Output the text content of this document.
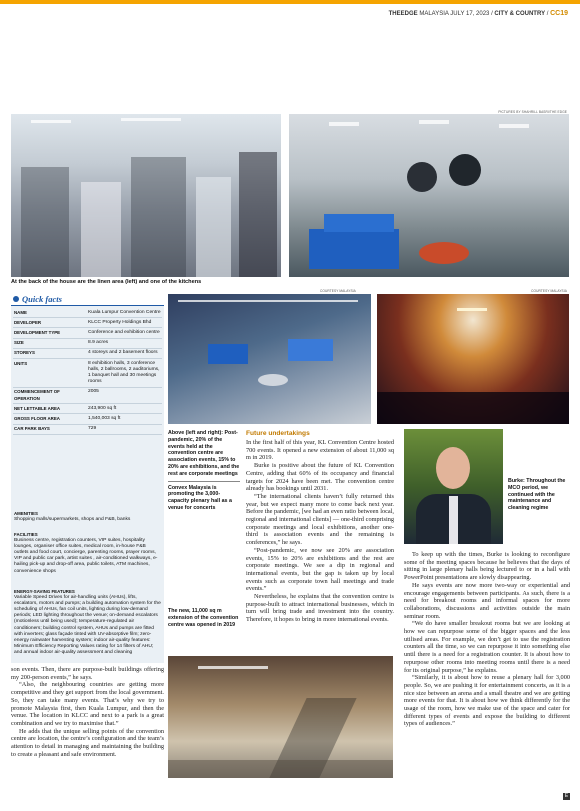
THEEDGE MALAYSIA JULY 17, 2023 / CITY & COUNTRY / CC19
PICTURES BY SHAHRILL BASRI/THE EDGE
At the back of the house are the linen area (left) and one of the kitchens
Quick facts
NAME	Kuala Lumpur Convention Centre
DEVELOPER	KLCC Property Holdings Bhd
DEVELOPMENT TYPE	Conference and exhibition centre
SIZE	8.9 acres
STOREYS	4 storeys and 2 basement floors
UNITS	8 exhibition halls, 3 conference halls, 2 ballrooms, 2 auditoriums, 1 banquet hall and 30 meetings rooms
COMMENCEMENT OF OPERATION	2005
NET LETTABLE AREA	243,900 sq ft
GROSS FLOOR AREA	1,540,003 sq ft
CAR PARK BAYS	729
AMENITIES
Shopping malls/supermarkets, shops and F&B, banks
FACILITIES
Business centre, registration counters, VIP suites, hospitality lounges, organiser office suites, medical room, in-house F&B outlets and food court, concierge, parenting rooms, prayer rooms, VIP and public car park, artist suites , air-conditioned walkways, e-hailing pick-up and drop-off area, public toilets, ATM machines, convenience shops
ENERGY-SAVING FEATURES
Variable Speed Drives for air-handling units (AHUs), lifts, escalators, motors and pumps; a building automation system for the scheduling of AHUs, fan coil units, lighting during low-demand periods; LED lighting throughout the venue; on-demand escalators (motionless until being used); temperature-regulated air conditioners; building control system, AHUs and pumps are fitted with inverters; glass façade tinted with UV-absorptive film; zero-energy rainwater harvesting system; indoor air-quality features: Minimum Efficiency Reporting Values rating for 14 filters of AHU; and annual indoor air-quality assessment and cleaning
COURTESY MALAYSIA	COURTESY MALAYSIA
Above (left and right): Post-pandemic, 20% of the events held at the convention centre are association events, 15% to 20% are exhibitions, and the rest are corporate meetings
Convex Malaysia is promoting the 3,000-capacity plenary hall as a venue for concerts
The new, 11,000 sq m extension of the convention centre was opened in 2019
Future undertakings

In the first half of this year, KL Convention Centre hosted 700 events. It opened a new extension of about 11,000 sq m in 2019.

Burke is positive about the future of KL Convention Centre, adding that 60% of its occupancy and financial targets for 2024 have been met. The convention centre already has bookings until 2031.

“The international clients haven’t fully returned this year, but we expect many more to come back next year. Before the pandemic, [we had an even ratio between local, regional and international clients] — one-third comprising corporate meetings and local exhibitions, another one-third is association events and the remaining is conferences,” he says.

“Post-pandemic, we now see 20% are association events, 15% to 20% are exhibitions and the rest are corporate meetings. We see a dip in regional and international events, but the gap is taken up by local events such as corporate town hall meetings and trade events.”

Nevertheless, he explains that the convention centre is purpose-built to attract international businesses, which in turn will bring trade and investment into the country. Therefore, it hopes to bring in more international events.

Burke: Throughout the MCO period, we continued with the maintenance and cleaning regime

To keep up with the times, Burke is looking to reconfigure some of the meeting spaces because he believes that the days of sitting in large plenary halls being lectured to or in a hall with PowerPoint presentations are slowly disappearing.

He says events are now more two-way or experiential and encourage engagements between participants. As such, there is a need for breakout rooms and informal spaces for more collaborations, discussions and activities outside the main seminar room.

“We do have smaller breakout rooms but we are looking at how we can repurpose some of the bigger spaces and the less utilised areas. For example, we don’t get to use the registration counters all the time, so we can repurpose it into something else until there is a need for a registration counter. It is about how to repurpose other rooms into meeting rooms until there is a need for its original purpose,” he explains.

“Similarly, it is about how to reuse a plenary hall for 3,000 people. So, we are pushing it for entertainment concerts, as it is a nice size between an arena and a small theatre and we are getting more events for that. It is about how we think differently for the usage of the room, how we make use of the space and cater for different types of events and expose the building to different types of audiences.”

son events. Then, there are purpose-built buildings offering my 200-person events,” he says.

“Also, the neighbouring countries are getting more competitive and they get support from the local government. So, they can take many events. That’s why we try to promote Malaysia first, then Kuala Lumpur, and then the venue. The location in KLCC and next to a park is a great combination and we try to maximise that.”

He adds that the unique selling points of the convention centre are location, the centre’s configuration and the team’s attention to detail in managing and maintaining the building to create a pleasant and safe environment.

E
